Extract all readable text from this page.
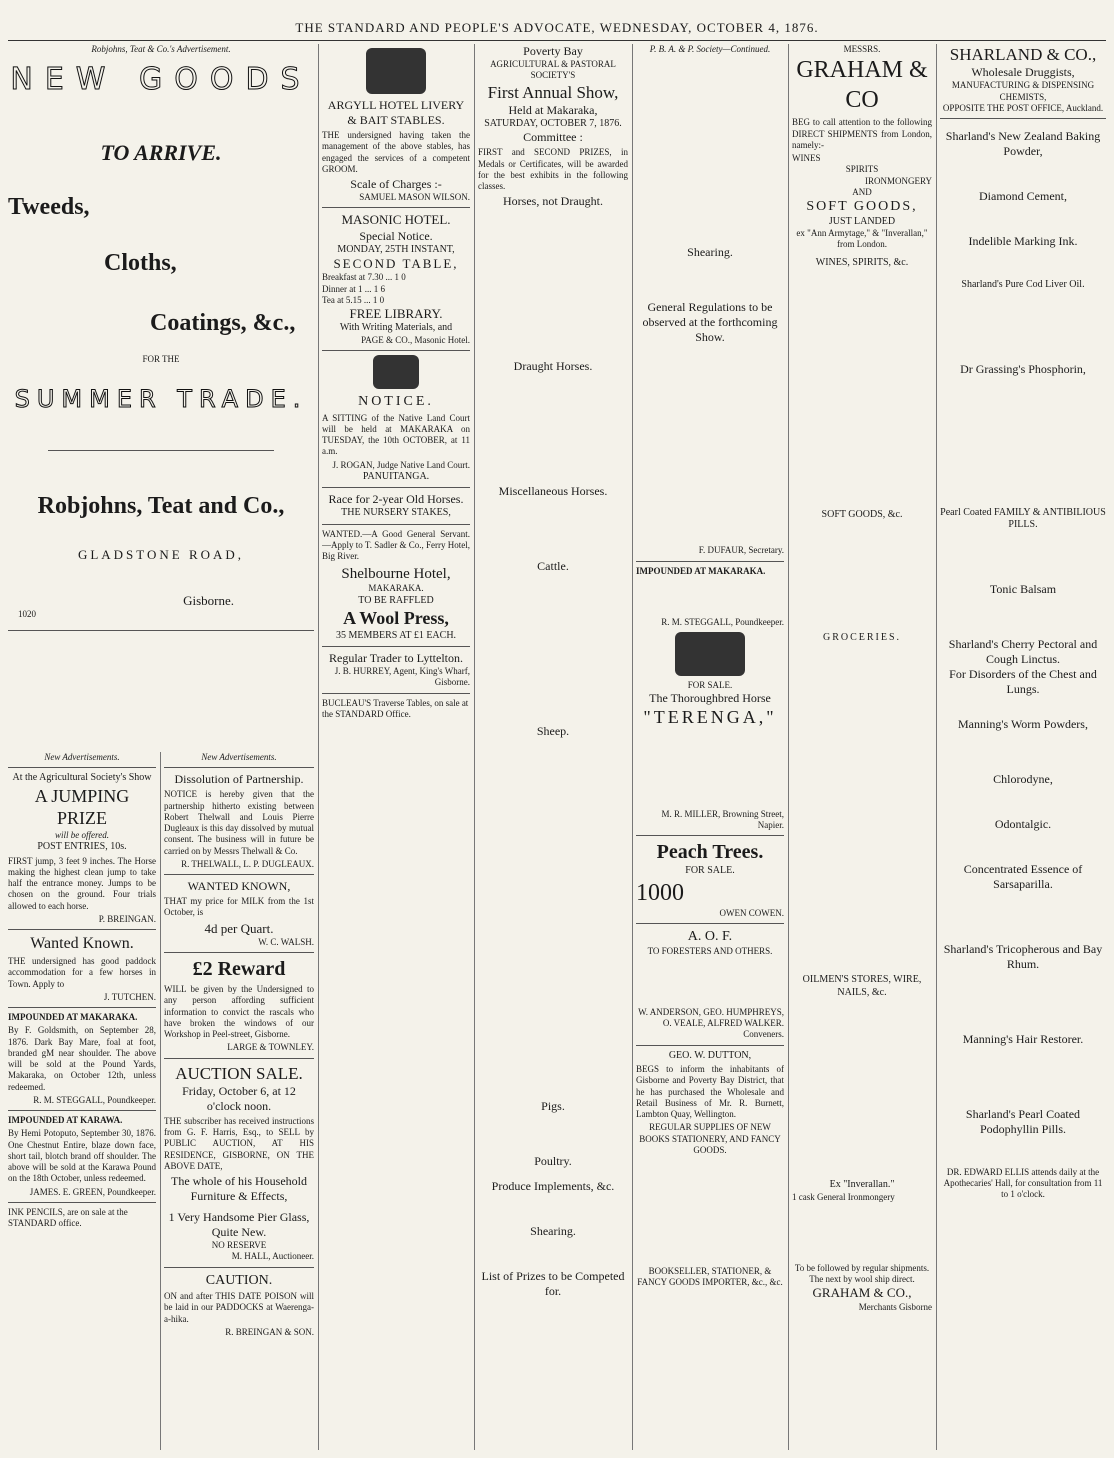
THE STANDARD AND PEOPLE'S ADVOCATE, WEDNESDAY, OCTOBER 4, 1876.
Robjohns, Teat & Co.'s Advertisement.
NEW GOODS
TO ARRIVE.
Tweeds,
Cloths,
Coatings, &c.,
FOR THE
SUMMER TRADE.
Robjohns, Teat and Co.,
GLADSTONE ROAD,
Gisborne.
1020
New Advertisements.
At the Agricultural Society's Show
A JUMPING PRIZE
will be offered.
POST ENTRIES, 10s.
FIRST jump, 3 feet 9 inches. The Horse making the highest clean jump to take half the entrance money. Jumps to be chosen on the ground. Four trials allowed to each horse.
P. BREINGAN.
Wanted Known.
THE undersigned has good paddock accommodation for a few horses in Town. Apply to
J. TUTCHEN.
IMPOUNDED AT MAKARAKA.
By F. Goldsmith, on September 28, 1876. Dark Bay Mare, foal at foot, branded gM near shoulder. The above will be sold at the Pound Yards, Makaraka, on October 12th, unless redeemed.
R. M. STEGGALL, Poundkeeper.
IMPOUNDED AT KARAWA.
By Hemi Potoputo, September 30, 1876. One Chestnut Entire, blaze down face, short tail, blotch brand off shoulder. The above will be sold at the Karawa Pound on the 18th October, unless redeemed.
JAMES. E. GREEN, Poundkeeper.
INK PENCILS, are on sale at the STANDARD office.
New Advertisements.
Dissolution of Partnership.
NOTICE is hereby given that the partnership hitherto existing between Robert Thelwall and Louis Pierre Dugleaux is this day dissolved by mutual consent. The business will in future be carried on by Messrs Thelwall & Co.
R. THELWALL, L. P. DUGLEAUX.
WANTED KNOWN,
THAT my price for MILK from the 1st October, is
4d per Quart.
W. C. WALSH.
£2 Reward
WILL be given by the Undersigned to any person affording sufficient information to convict the rascals who have broken the windows of our Workshop in Peel-street, Gisborne.
LARGE & TOWNLEY.
AUCTION SALE.
Friday, October 6, at 12 o'clock noon.
THE subscriber has received instructions from G. F. Harris, Esq., to SELL by PUBLIC AUCTION, AT HIS RESIDENCE, GISBORNE, ON THE ABOVE DATE,
The whole of his Household Furniture & Effects,
1 Very Handsome Pier Glass, Quite New.
NO RESERVE
M. HALL, Auctioneer.
CAUTION.
ON and after THIS DATE POISON will be laid in our PADDOCKS at Waerenga-a-hika.
R. BREINGAN & SON.
ARGYLL HOTEL LIVERY & BAIT STABLES.
THE undersigned having taken the management of the above stables, has engaged the services of a competent GROOM.
Scale of Charges :-
SAMUEL MASON WILSON.
MASONIC HOTEL.
Special Notice.
MONDAY, 25TH INSTANT,
SECOND TABLE,
Breakfast at 7.30 ... 1 0
Dinner at 1 ... 1 6
Tea at 5.15 ... 1 0
FREE LIBRARY.
With Writing Materials, and
PAGE & CO., Masonic Hotel.
NOTICE.
A SITTING of the Native Land Court will be held at MAKARAKA on TUESDAY, the 10th OCTOBER, at 11 a.m.
J. ROGAN, Judge Native Land Court.
PANUITANGA.
Race for 2-year Old Horses.
THE NURSERY STAKES,
WANTED.—A Good General Servant.—Apply to T. Sadler & Co., Ferry Hotel, Big River.
Shelbourne Hotel,
MAKARAKA.
TO BE RAFFLED
A Wool Press,
35 MEMBERS AT £1 EACH.
Regular Trader to Lyttelton.
J. B. HURREY, Agent, King's Wharf, Gisborne.
BUCLEAU'S Traverse Tables, on sale at the STANDARD Office.
Poverty Bay
AGRICULTURAL & PASTORAL SOCIETY'S
First Annual Show,
Held at Makaraka,
SATURDAY, OCTOBER 7, 1876.
Committee :
FIRST and SECOND PRIZES, in Medals or Certificates, will be awarded for the best exhibits in the following classes.
Horses, not Draught.
Draught Horses.
Miscellaneous Horses.
Cattle.
Sheep.
Pigs.
Poultry.
Produce Implements, &c.
Shearing.
List of Prizes to be Competed for.
P. B. A. & P. Society—Continued.
Shearing.
General Regulations to be observed at the forthcoming Show.
F. DUFAUR, Secretary.
IMPOUNDED AT MAKARAKA.
R. M. STEGGALL, Poundkeeper.
FOR SALE.
The Thoroughbred Horse
"TERENGA,"
M. R. MILLER, Browning Street, Napier.
Peach Trees.
FOR SALE.
1000
OWEN COWEN.
A. O. F.
TO FORESTERS AND OTHERS.
W. ANDERSON, GEO. HUMPHREYS, O. VEALE, ALFRED WALKER. Conveners.
GEO. W. DUTTON,
BEGS to inform the inhabitants of Gisborne and Poverty Bay District, that he has purchased the Wholesale and Retail Business of Mr. R. Burnett, Lambton Quay, Wellington.
REGULAR SUPPLIES OF NEW BOOKS STATIONERY, AND FANCY GOODS.
BOOKSELLER, STATIONER, & FANCY GOODS IMPORTER, &c., &c.
MESSRS.
GRAHAM & CO
BEG to call attention to the following DIRECT SHIPMENTS from London, namely:-
WINES
SPIRITS
IRONMONGERY
AND
SOFT GOODS,
JUST LANDED
ex "Ann Armytage," & "Inverallan," from London.
WINES, SPIRITS, &c.
SOFT GOODS, &c.
GROCERIES.
OILMEN'S STORES, WIRE, NAILS, &c.
Ex "Inverallan."
1 cask General Ironmongery
To be followed by regular shipments. The next by wool ship direct.
GRAHAM & CO.,
Merchants Gisborne
SHARLAND & CO.,
Wholesale Druggists,
MANUFACTURING & DISPENSING CHEMISTS,
OPPOSITE THE POST OFFICE, Auckland.
Sharland's New Zealand Baking Powder,
Diamond Cement,
Indelible Marking Ink.
Sharland's Pure Cod Liver Oil.
Dr Grassing's Phosphorin,
Pearl Coated FAMILY & ANTIBILIOUS PILLS.
Tonic Balsam
Sharland's Cherry Pectoral and Cough Linctus.
For Disorders of the Chest and Lungs.
Manning's Worm Powders,
Chlorodyne,
Odontalgic.
Concentrated Essence of Sarsaparilla.
Sharland's Tricopherous and Bay Rhum.
Manning's Hair Restorer.
Sharland's Pearl Coated Podophyllin Pills.
DR. EDWARD ELLIS attends daily at the Apothecaries' Hall, for consultation from 11 to 1 o'clock.
